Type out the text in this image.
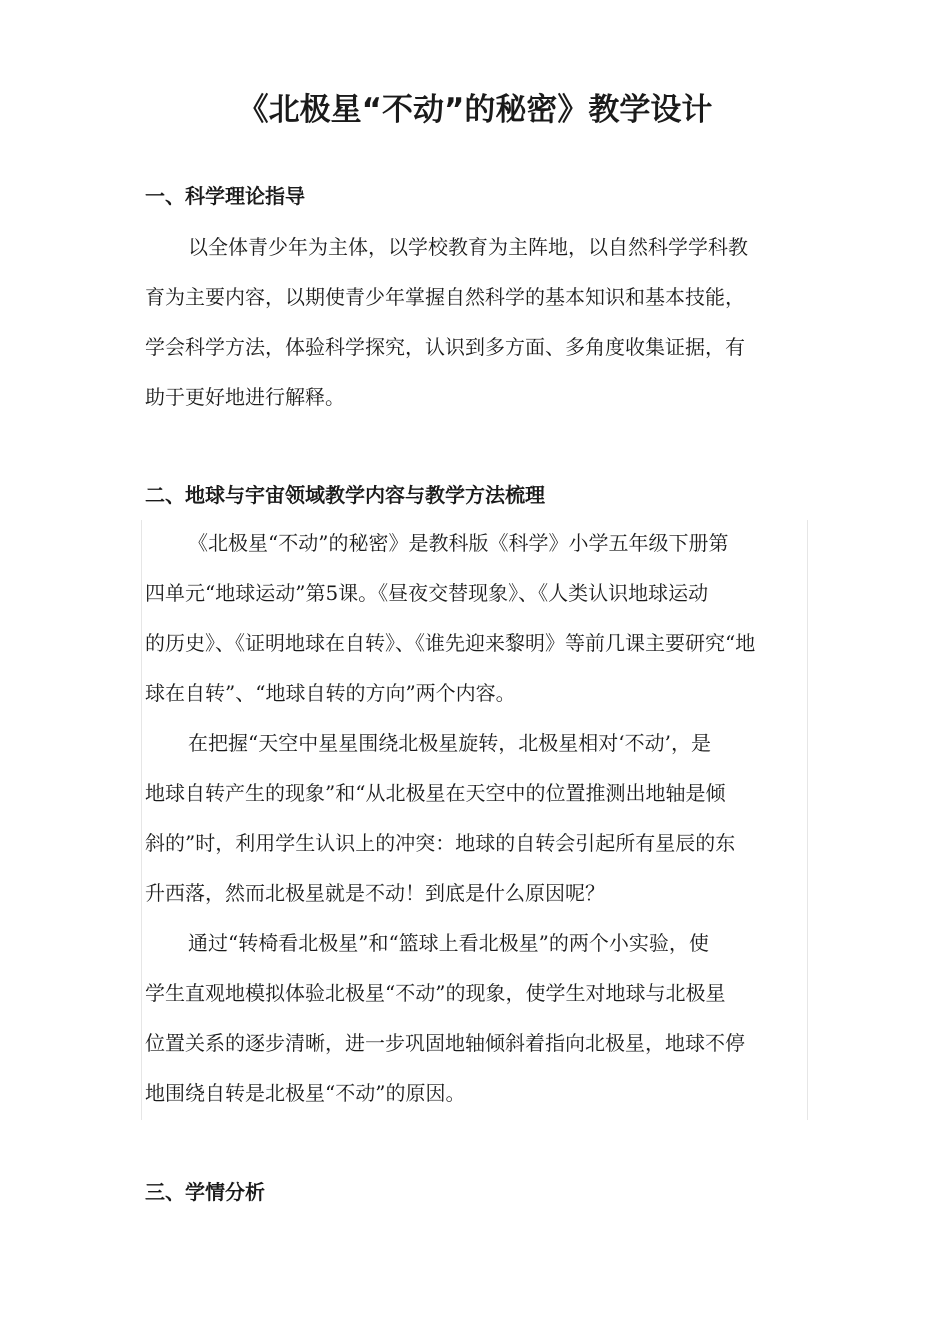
《北极星“不动”的秘密》教学设计
一、科学理论指导
以全体青少年为主体，以学校教育为主阵地，以自然科学学科教
育为主要内容，以期使青少年掌握自然科学的基本知识和基本技能，
学会科学方法，体验科学探究，认识到多方面、多角度收集证据，有
助于更好地进行解释。
二、地球与宇宙领域教学内容与教学方法梳理
《北极星“不动”的秘密》是教科版《科学》小学五年级下册第
四单元“地球运动”第5课。《昼夜交替现象》、《人类认识地球运动
的历史》、《证明地球在自转》、《谁先迎来黎明》等前几课主要研究“地
球在自转”、“地球自转的方向”两个内容。
在把握“天空中星星围绕北极星旋转，北极星相对‘不动’，是
地球自转产生的现象”和“从北极星在天空中的位置推测出地轴是倾
斜的”时，利用学生认识上的冲突：地球的自转会引起所有星辰的东
升西落，然而北极星就是不动！到底是什么原因呢？
通过“转椅看北极星”和“篮球上看北极星”的两个小实验，使
学生直观地模拟体验北极星“不动”的现象，使学生对地球与北极星
位置关系的逐步清晰，进一步巩固地轴倾斜着指向北极星，地球不停
地围绕自转是北极星“不动”的原因。
三、学情分析
